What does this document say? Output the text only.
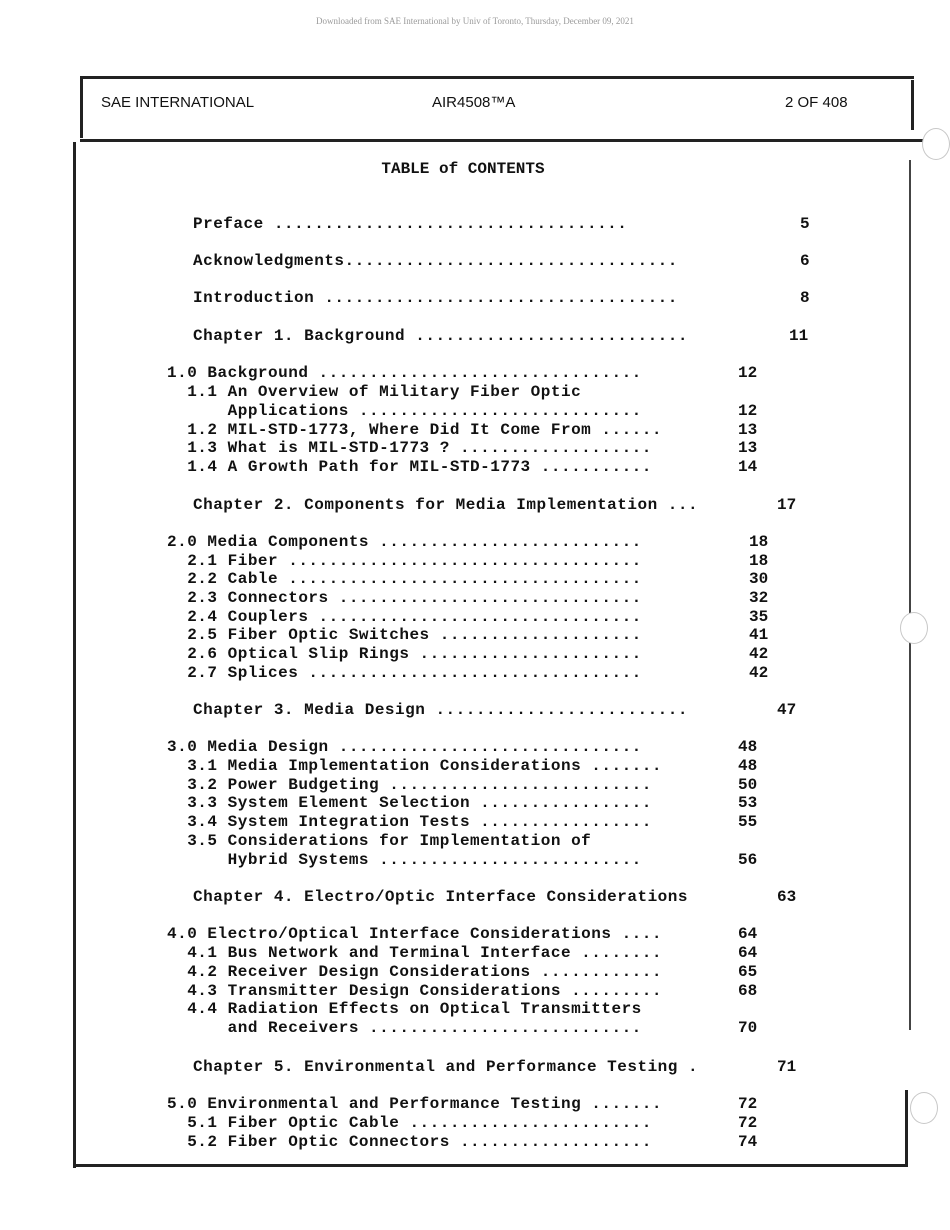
Downloaded from SAE International by Univ of Toronto, Thursday, December 09, 2021
SAE INTERNATIONAL	AIR4508™A	2 OF 408
TABLE of CONTENTS
Preface ...................................	5
Acknowledgments.................................	6
Introduction ...................................	8
Chapter 1. Background ...........................	11
1.0 Background ................................	12
1.1 An Overview of Military Fiber Optic
Applications ............................	12
1.2 MIL-STD-1773, Where Did It Come From ......	13
1.3 What is MIL-STD-1773 ? ...................	13
1.4 A Growth Path for MIL-STD-1773 ...........	14
Chapter 2. Components for Media Implementation ...	17
2.0 Media Components ..........................	18
2.1 Fiber ...................................	18
2.2 Cable ...................................	30
2.3 Connectors ..............................	32
2.4 Couplers ................................	35
2.5 Fiber Optic Switches ....................	41
2.6 Optical Slip Rings ......................	42
2.7 Splices .................................	42
Chapter 3. Media Design .........................	47
3.0 Media Design ..............................	48
3.1 Media Implementation Considerations .......	48
3.2 Power Budgeting ..........................	50
3.3 System Element Selection .................	53
3.4 System Integration Tests .................	55
3.5 Considerations for Implementation of
Hybrid Systems ..........................	56
Chapter 4. Electro/Optic Interface Considerations	63
4.0 Electro/Optical Interface Considerations ....	64
4.1 Bus Network and Terminal Interface ........	64
4.2 Receiver Design Considerations ............	65
4.3 Transmitter Design Considerations .........	68
4.4 Radiation Effects on Optical Transmitters
and Receivers ...........................	70
Chapter 5. Environmental and Performance Testing .	71
5.0 Environmental and Performance Testing .......	72
5.1 Fiber Optic Cable ........................	72
5.2 Fiber Optic Connectors ...................	74
